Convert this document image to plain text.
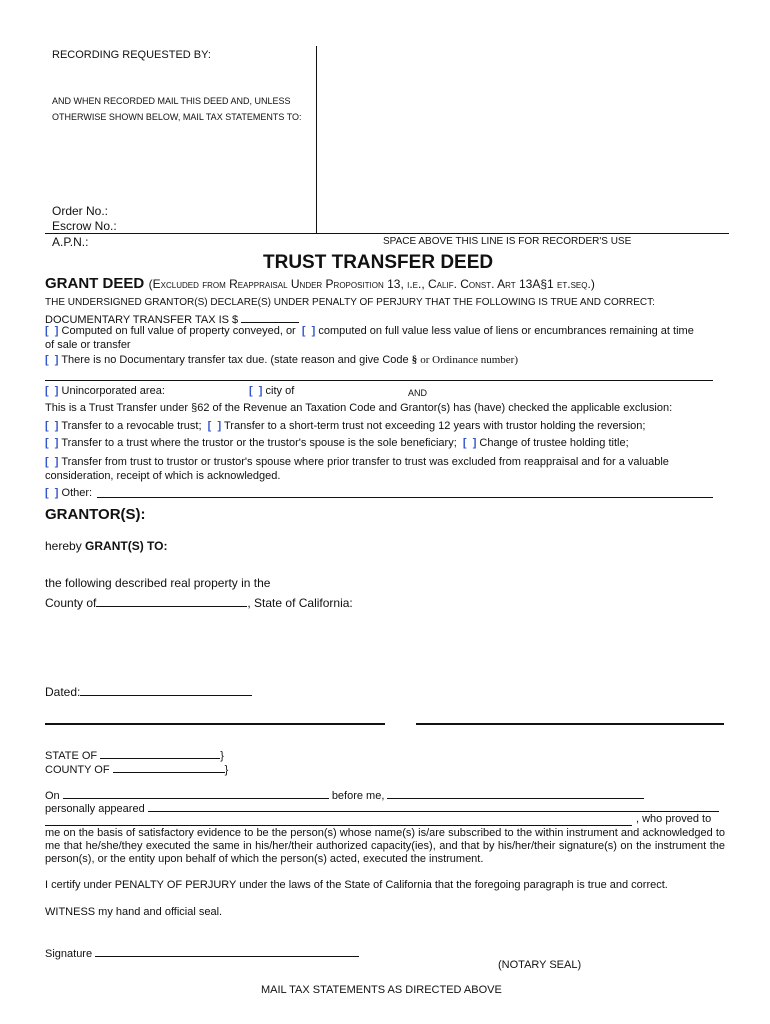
RECORDING REQUESTED BY:
AND WHEN RECORDED MAIL THIS DEED AND, UNLESS
OTHERWISE SHOWN BELOW, MAIL TAX STATEMENTS TO:
Order No.:
Escrow No.:
A.P.N.:	SPACE ABOVE THIS LINE IS FOR RECORDER'S USE
TRUST TRANSFER DEED
GRANT DEED (Excluded from Reappraisal Under Proposition 13, i.e., Calif. Const. Art 13A§1 et.seq.)
THE UNDERSIGNED GRANTOR(S) DECLARE(S) UNDER PENALTY OF PERJURY THAT THE FOLLOWING IS TRUE AND CORRECT:
DOCUMENTARY TRANSFER TAX IS $
[ ] Computed on full value of property conveyed, or [ ] computed on full value less value of liens or encumbrances remaining at time
of sale or transfer
[ ] There is no Documentary transfer tax due. (state reason and give Code § or Ordinance number)
[ ] Unincorporated area:	[ ] city of	AND
This is a Trust Transfer under §62 of the Revenue an Taxation Code and Grantor(s) has (have) checked the applicable exclusion:
[ ] Transfer to a revocable trust; [ ] Transfer to a short-term trust not exceeding 12 years with trustor holding the reversion;
[ ] Transfer to a trust where the trustor or the trustor's spouse is the sole beneficiary; [ ] Change of trustee holding title;
[ ] Transfer from trust to trustor or trustor's spouse where prior transfer to trust was excluded from reappraisal and for a valuable
consideration, receipt of which is acknowledged.
[ ] Other:
GRANTOR(S):
hereby GRANT(S) TO:
the following described real property in the
County of	, State of California:
Dated:
STATE OF	}
COUNTY OF	}
On	before me,
personally appeared
, who proved to
me on the basis of satisfactory evidence to be the person(s) whose name(s) is/are subscribed to the within instrument and acknowledged to me that he/she/they executed the same in his/her/their authorized capacity(ies), and that by his/her/their signature(s) on the instrument the person(s), or the entity upon behalf of which the person(s) acted, executed the instrument.
I certify under PENALTY OF PERJURY under the laws of the State of California that the foregoing paragraph is true and correct.
WITNESS my hand and official seal.
Signature
(NOTARY SEAL)
MAIL TAX STATEMENTS AS DIRECTED ABOVE
